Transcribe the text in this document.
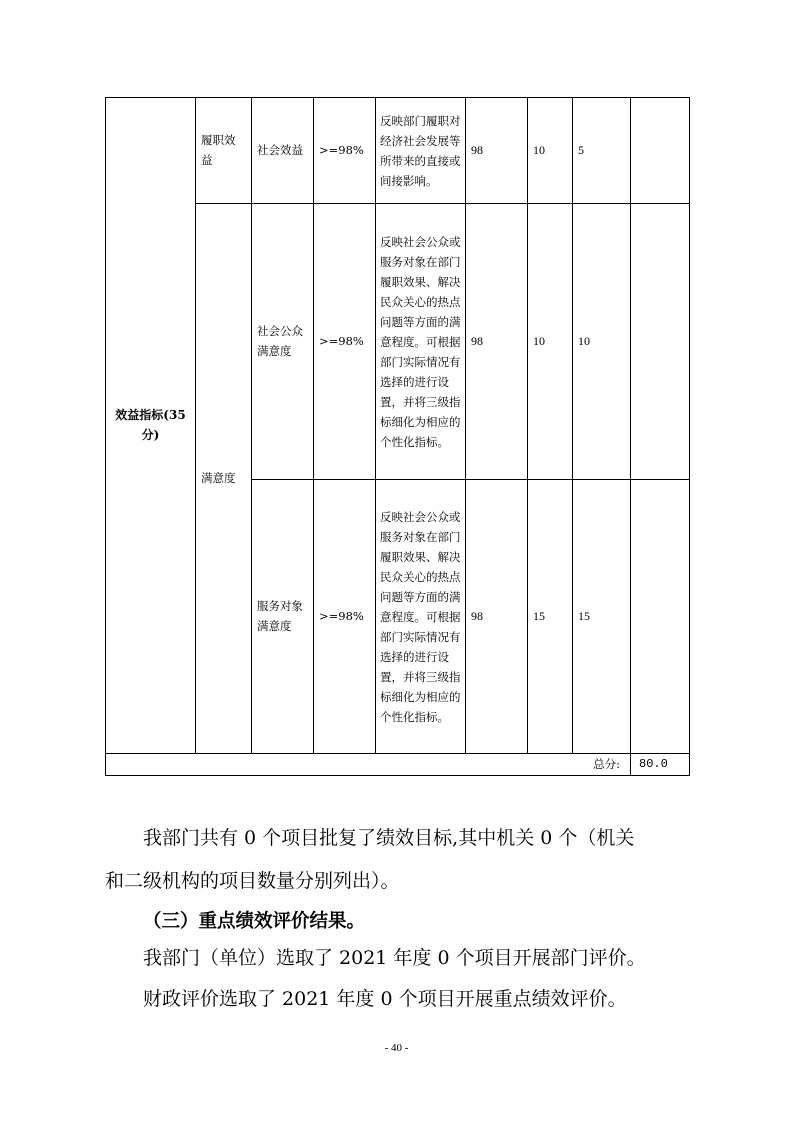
效益指标(35分)	履职效益	社会效益	>=98%	反映部门履职对经济社会发展等所带来的直接或间接影响。	98	10	5	
	满意度	社会公众满意度	>=98%	反映社会公众或服务对象在部门履职效果、解决民众关心的热点问题等方面的满意程度。可根据部门实际情况有选择的进行设置，并将三级指标细化为相应的个性化指标。	98	10	10	
		服务对象满意度	>=98%	反映社会公众或服务对象在部门履职效果、解决民众关心的热点问题等方面的满意程度。可根据部门实际情况有选择的进行设置，并将三级指标细化为相应的个性化指标。	98	15	15	
总分:								80.0

我部门共有 0 个项目批复了绩效目标,其中机关 0 个（机关

和二级机构的项目数量分别列出）。

（三）重点绩效评价结果。

我部门（单位）选取了 2021 年度 0 个项目开展部门评价。

财政评价选取了 2021 年度 0 个项目开展重点绩效评价。

- 40 -
